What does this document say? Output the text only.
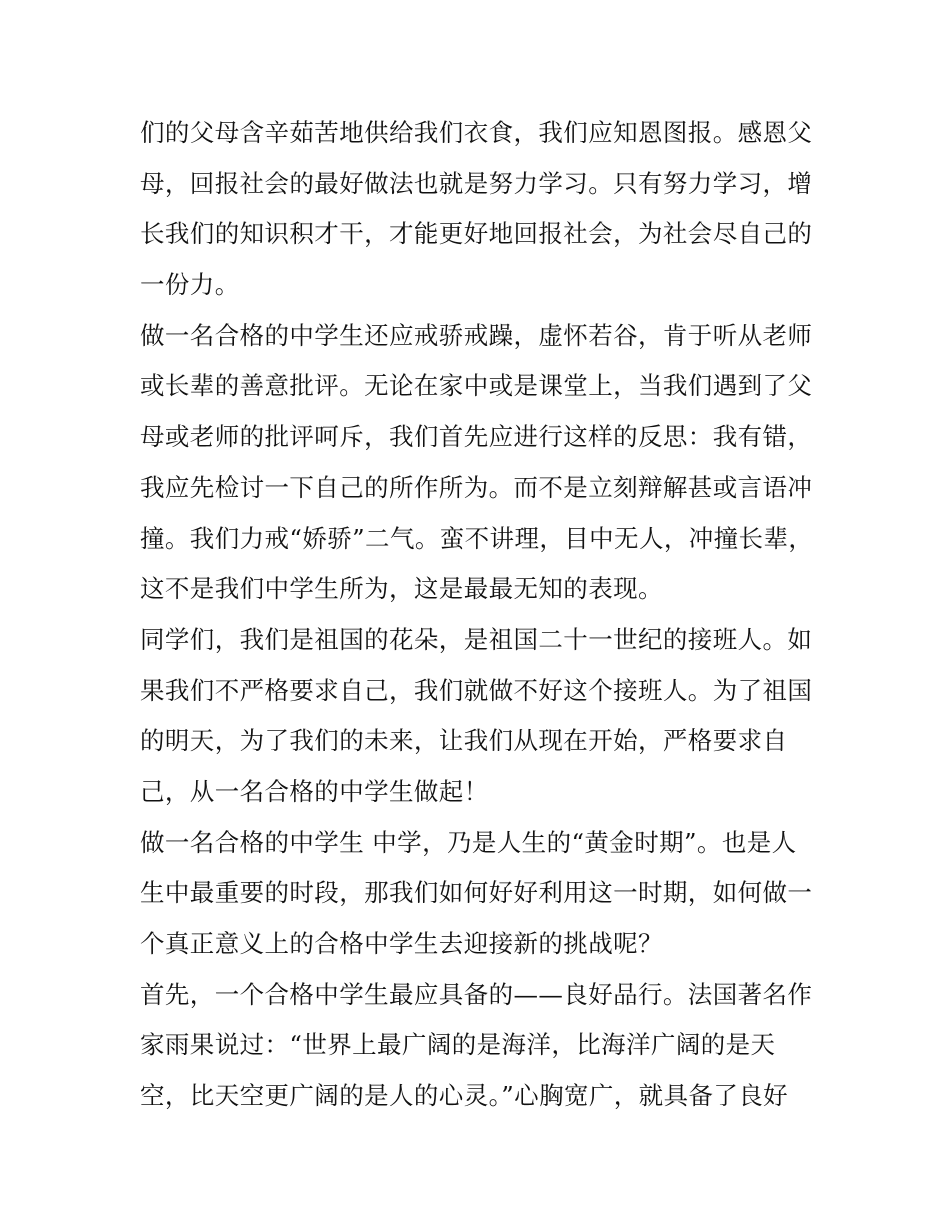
们的父母含辛茹苦地供给我们衣食，我们应知恩图报。感恩父
母，回报社会的最好做法也就是努力学习。只有努力学习，增
长我们的知识积才干，才能更好地回报社会，为社会尽自己的
一份力。
做一名合格的中学生还应戒骄戒躁，虚怀若谷，肯于听从老师
或长辈的善意批评。无论在家中或是课堂上，当我们遇到了父
母或老师的批评呵斥，我们首先应进行这样的反思：我有错，
我应先检讨一下自己的所作所为。而不是立刻辩解甚或言语冲
撞。我们力戒“娇骄”二气。蛮不讲理，目中无人，冲撞长辈，
这不是我们中学生所为，这是最最无知的表现。
同学们，我们是祖国的花朵，是祖国二十一世纪的接班人。如
果我们不严格要求自己，我们就做不好这个接班人。为了祖国
的明天，为了我们的未来，让我们从现在开始，严格要求自
己，从一名合格的中学生做起！
做一名合格的中学生 中学，乃是人生的“黄金时期”。也是人
生中最重要的时段，那我们如何好好利用这一时期，如何做一
个真正意义上的合格中学生去迎接新的挑战呢？
首先，一个合格中学生最应具备的——良好品行。法国著名作
家雨果说过：“世界上最广阔的是海洋，比海洋广阔的是天
空，比天空更广阔的是人的心灵。”心胸宽广，就具备了良好
